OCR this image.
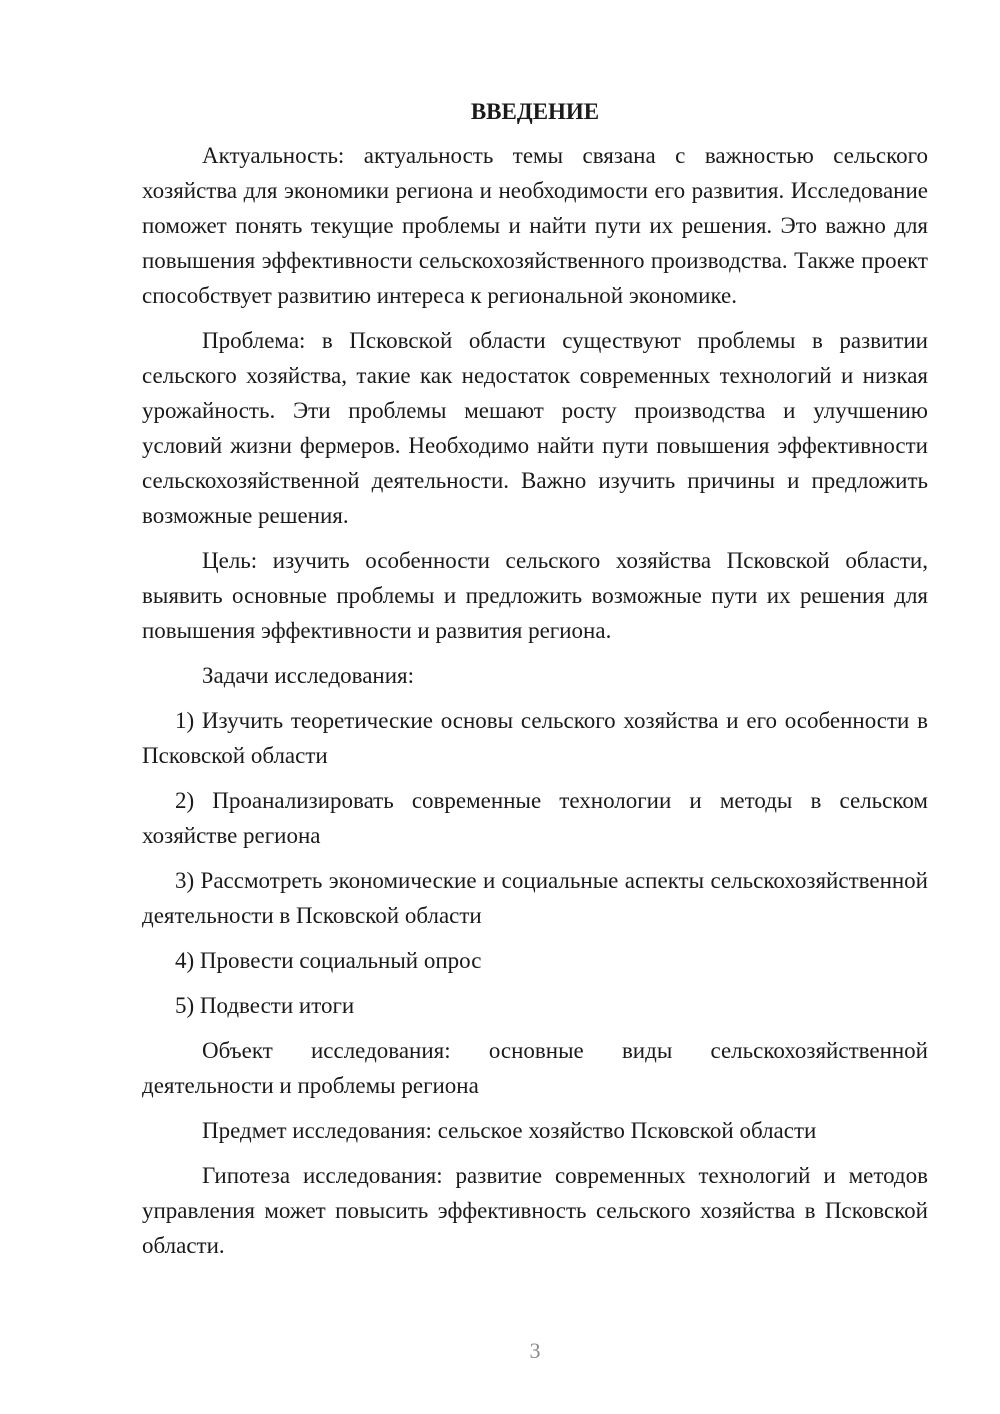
ВВЕДЕНИЕ

Актуальность: актуальность темы связана с важностью сельского хозяйства для экономики региона и необходимости его развития. Исследование поможет понять текущие проблемы и найти пути их решения. Это важно для повышения эффективности сельскохозяйственного производства. Также проект способствует развитию интереса к региональной экономике.

Проблема: в Псковской области существуют проблемы в развитии сельского хозяйства, такие как недостаток современных технологий и низкая урожайность. Эти проблемы мешают росту производства и улучшению условий жизни фермеров. Необходимо найти пути повышения эффективности сельскохозяйственной деятельности. Важно изучить причины и предложить возможные решения.

Цель: изучить особенности сельского хозяйства Псковской области, выявить основные проблемы и предложить возможные пути их решения для повышения эффективности и развития региона.

Задачи исследования:

1) Изучить теоретические основы сельского хозяйства и его особенности в Псковской области

2) Проанализировать современные технологии и методы в сельском хозяйстве региона

3) Рассмотреть экономические и социальные аспекты сельскохозяйственной деятельности в Псковской области

4) Провести социальный опрос

5) Подвести итоги

Объект исследования: основные виды сельскохозяйственной деятельности и проблемы региона

Предмет исследования: сельское хозяйство Псковской области

Гипотеза исследования: развитие современных технологий и методов управления может повысить эффективность сельского хозяйства в Псковской области.

3
